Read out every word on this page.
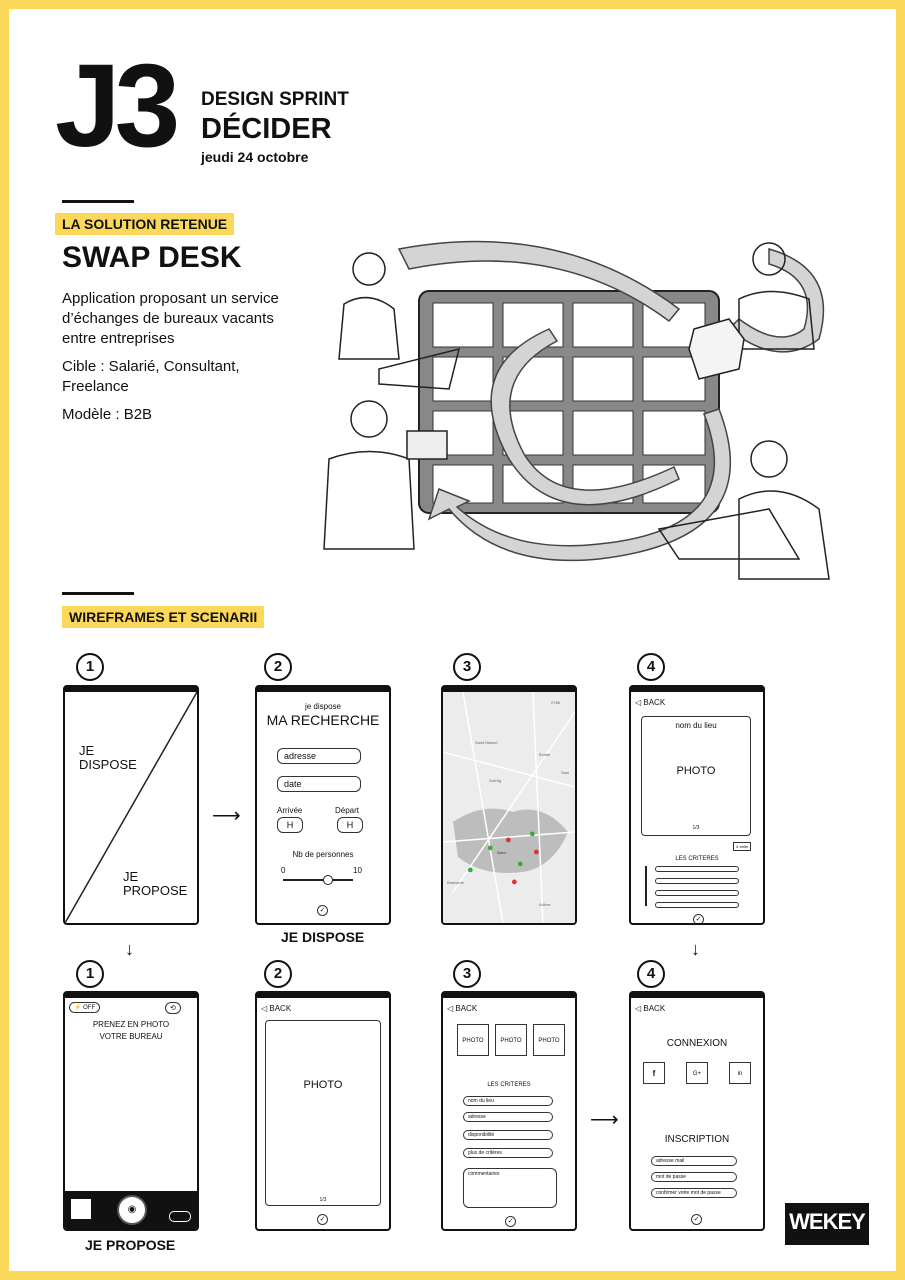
J3 DESIGN SPRINT
DÉCIDER
jeudi 24 octobre
LA SOLUTION RETENUE
SWAP DESK

Application proposant un service d’échanges de bureaux vacants entre entreprises

Cible : Salarié, Consultant, Freelance

Modèle : B2B

WIREFRAMES ET SCENARII
1	2	3	4
JE DISPOSE
JE PROPOSE
⟶
je dispose
MA RECHERCHE
adresse
date
Arrivée	Départ
H	H
Nb de personnes
0	10
✓
Saint Maurel
Éclaté
Sclerig
Sam
Nord
Brasserie
Adfres
2768
●
● ●
●
●
●
●
◁ BACK
nom du lieu
PHOTO
1/3
4 veille
LES CRITERES
✓
JE DISPOSE
↓	↓
1	2	3	4
⚡ OFF	⟲
PRENEZ EN PHOTO
VOTRE BUREAU
◉
JE PROPOSE
◁ BACK
PHOTO
1/3
✓
◁ BACK
PHOTO	PHOTO	PHOTO
LES CRITERES
nom du lieu
adresse
disponibilité
plus de critères
commentaires
✓
⟶
◁ BACK
CONNEXION
f	G+	in
INSCRIPTION
adresse mail
mot de passe
confirmer votre mot de passe
✓	WEKEY
